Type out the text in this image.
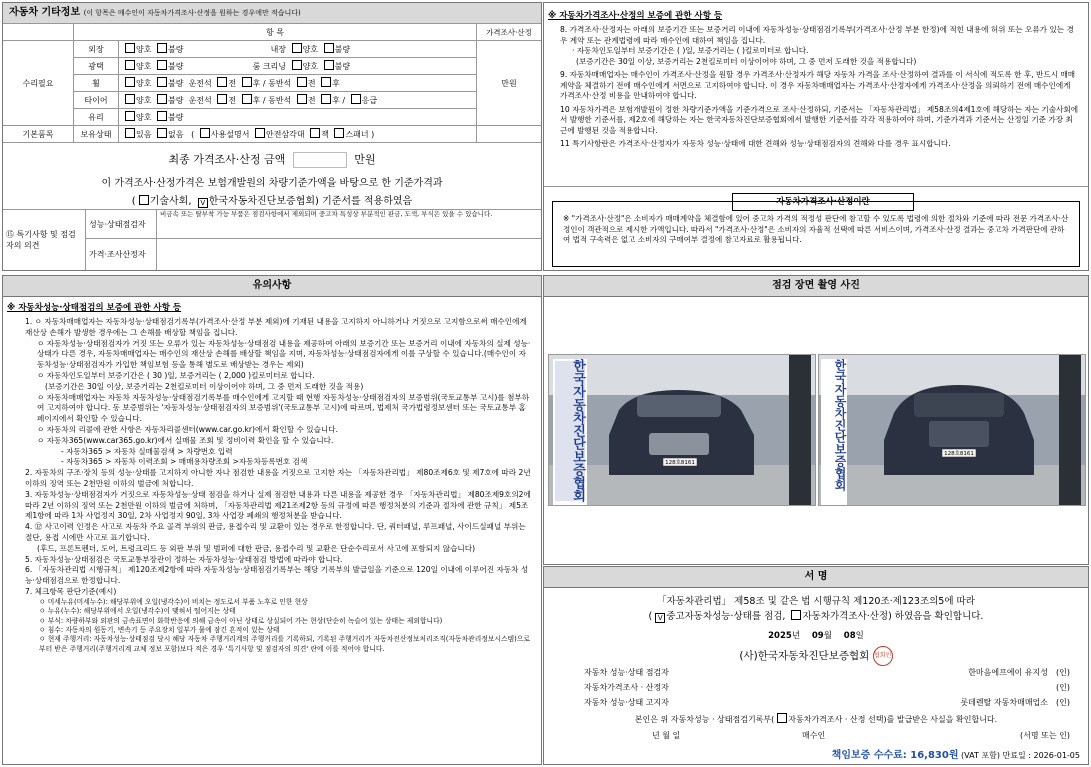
자동차 기타정보 (이 항목은 매수인이 자동차가격조사·산정을 원하는 경우에만 적습니다)
	항 목		가격조사·산정
수리필요	외장	양호 불량 내장 양호 불량	만원
	광택	양호 불량 룸 크리닝 양호 불량	
	휠	양호 불량 운전석 전 후 / 동반석 전 후	
	타이어	양호 불량 운전석 전 후 / 동반석 전 후 / 응급	
	유리	양호 불량	
기본품목	보유상태	있음 없음 ( 사용설명서 안전삼각대 잭 스패너 )	
최종 가격조사·산정 금액	만원
이 가격조사·산정가격은 보험개발원의 차량기준가액을 바탕으로 한 기준가격과
( 기술사회, V 한국자동차진단보증협회) 기준서를 적용하였음
⑮ 특기사항 및 점검자의 의견	성능·상태점검자	비금속 또는 탈부착 가능 부품은 점검사항에서 제외되며 중고차 특성상 부분적인 판금, 도색, 부식은 있을 수 있습니다.
	가격·조사산정자	
※ 자동차가격조사·산정의 보증에 관한 사항 등
8. 가격조사·산정자는 아래의 보증기간 또는 보증거리 이내에 자동차성능·상태점검기록부(가격조사·산정 부분 한정)에 적힌 내용에 허위 또는 오류가 있는 경우 계약 또는 관계법령에 따라 매수인에 대하여 책임을 집니다.
· 자동차인도일부터 보증기간은 ( )일, 보증거리는 ( )킬로미터로 합니다.
(보증기간은 30일 이상, 보증거리는 2천킬로미터 이상이어야 하며, 그 중 먼저 도래한 것을 적용합니다)
9. 자동차매매업자는 매수인이 가격조사·산정을 원할 경우 가격조사·산정자가 해당 자동차 가격을 조사·산정하여 결과를 이 서식에 적도록 한 후, 반드시 매매계약을 체결하기 전에 매수인에게 서면으로 고지하여야 합니다. 이 경우 자동차매매업자는 가격조사·산정자에게 가격조사·산정을 의뢰하기 전에 매수인에게 가격조사·산정 비용을 안내하여야 합니다.
10 자동차가격은 보험개발원이 정한 차량기준가액을 기준가격으로 조사·산정하되, 기준서는 「자동차관리법」 제58조의4제1호에 해당하는 자는 기술사회에서 발행한 기준서를, 제2호에 해당하는 자는 한국자동차진단보증협회에서 발행한 기준서를 각각 적용하여야 하며, 기준가격과 기준서는 산정일 기준 가장 최근에 발행된 것을 적용합니다.
11 특기사항란은 가격조사·산정자가 자동차 성능·상태에 대한 견해와 성능·상태점검자의 견해와 다를 경우 표시합니다.
자동차가격조사·산정이란
※ "가격조사·산정"은 소비자가 매매계약을 체결함에 있어 중고차 가격의 적정성 판단에 참고할 수 있도록 법령에 의한 절차와 기준에 따라 전문 가격조사·산정인이 객관적으로 제시한 가액입니다. 따라서 "가격조사·산정"은 소비자의 자율적 선택에 따른 서비스이며, 가격조사·산정 결과는 중고차 가격판단에 관하여 법적 구속력은 없고 소비자의 구매여부 결정에 참고자료로 활용됩니다.
유의사항
※ 자동차성능·상태점검의 보증에 관한 사항 등
1. ㅇ 자동차매매업자는 자동차성능·상태점검기록부(가격조사·산정 부분 제외)에 기재된 내용을 고지하지 아니하거나 거짓으로 고지함으로써 매수인에게 재산상 손해가 발생한 경우에는 그 손해를 배상할 책임을 집니다.
ㅇ 자동차성능·상태점검자가 거짓 또는 오류가 있는 자동차성능·상태점검 내용을 제공하여 아래의 보증기간 또는 보증거리 이내에 자동차의 실제 성능·상태가 다른 경우, 자동차매매업자는 매수인의 재산상 손해를 배상할 책임을 지며, 자동차성능·상태점검자에게 이를 구상할 수 있습니다.(매수인이 자동차성능·상태점검자가 가입한 책임보험 등을 통해 별도로 배상받는 경우는 제외)
ㅇ 자동차인도일부터 보증기간은 ( 30 )일, 보증거리는 ( 2,000 )킬로미터로 합니다.
(보증기간은 30일 이상, 보증거리는 2천킬로미터 이상이어야 하며, 그 중 먼저 도래한 것을 적용)
ㅇ 자동차매매업자는 자동차 자동차성능·상태점검기록부를 매수인에게 고지할 때 현행 자동차성능·상태점검자의 보증범위(국토교통부 고시)를 첨부하여 고지하여야 합니다. 동 보증범위는 '자동차성능·상태점검자의 보증범위'(국토교통부 고시)에 따르며, 법제처 국가법령정보센터 또는 국토교통부 홈페이지에서 확인할 수 있습니다.
ㅇ 자동차의 리콜에 관한 사항은 자동차리콜센터(www.car.go.kr)에서 확인할 수 있습니다.
ㅇ 자동차365(www.car365.go.kr)에서 실매물 조회 및 정비이력 확인을 할 수 있습니다.
- 자동차365 > 자동차 실매물검색 > 차량번호 입력
- 자동차365 > 자동차 이력조회 > 매매용차량조회 >자동차등록번호 검색
2. 자동차의 구조·장치 등의 성능·상태를 고지하지 아니한 자나 점검한 내용을 거짓으로 고지한 자는 「자동차관리법」 제80조제6호 및 제7호에 따라 2년 이하의 징역 또는 2천만원 이하의 벌금에 처합니다.
3. 자동차성능·상태점검자가 거짓으로 자동차성능·상태 점검을 하거나 실제 점검한 내용과 다른 내용을 제공한 경우 「자동차관리법」 제80조제9호의2에 따라 2년 이하의 징역 또는 2천만원 이하의 벌금에 처하며, 「자동차관리법 제21조제2항 등의 규정에 따른 행정처분의 기준과 절차에 관한 규칙」 제5조제1항에 따라 1차 사업정지 30일, 2차 사업정지 90일, 3차 사업장 폐쇄의 행정처분을 받습니다.
4. ⑫ 사고이력 인정은 사고로 자동차 주요 골격 부위의 판금, 용접수리 및 교환이 있는 경우로 한정합니다. 단, 쿼터패널, 루프패널, 사이드실패널 부위는 절단, 용접 시에만 사고로 표기합니다.
(후드, 프론트펜더, 도어, 트렁크리드 등 외판 부위 및 범퍼에 대한 판금, 용접수리 및 교환은 단순수리로서 사고에 포함되지 않습니다)
5. 자동차성능·상태점검은 국토교통부장관이 정하는 자동차성능·상태점검 방법에 따라야 합니다.
6. 「자동차관리법 시행규칙」 제120조제2항에 따라 자동차성능·상태점검기록부는 해당 기록부의 발급일을 기준으로 120일 이내에 이루어진 자동차 성능·상태점검으로 한정합니다.
7. 체크항목 판단기준(예시)
ㅇ 미세누유(미세누수): 해당부위에 오일(냉각수)이 비치는 정도로서 부품 노후로 인한 현상
ㅇ 누유(누수): 해당부위에서 오일(냉각수)이 맺혀서 떨어지는 상태
ㅇ 부식: 차량하부와 외판의 금속표면이 화학반응에 의해 금속이 아닌 상태로 상실되어 가는 현상(단순히 녹슬어 있는 상태는 제외합니다)
ㅇ 침수: 자동차의 원동기, 변속기 등 주요장치 일부가 물에 잠긴 흔적이 있는 상태
ㅇ 현재 주행거리: 자동차성능·상태점검 당시 해당 자동차 주행거리계의 주행거리를 기록하되, 기록된 주행거리가 자동차전산정보처리조직(자동차관리정보시스템)으로부터 받은 주행거리(주행거리계 교체 정보 포함)보다 적은 경우 '특기사항 및 점검자의 의견' 란에 이를 적어야 합니다.
점검 장면 촬영 사진
128호8161
한국자동차진단보증협회	128호8161
한국자동차진단보증협회
서 명
「자동차관리법」 제58조 및 같은 법 시행규칙 제120조·제123조의5에 따라
( V 중고자동차성능·상태를 점검, 자동차가격조사·산정) 하였음을 확인합니다.
2025년 09월 08일
(사)한국자동차진단보증협회 협회인
자동차 성능·상태 점검자	한마음에프에이 유지성	(인)
자동차가격조사 · 산정자	(인)
자동차 성능·상태 고지자	롯데렌탈 자동차매매업소	(인)
본인은 위 자동차성능 · 상태점검기록부( 자동차가격조사 · 산정 선택)를 발급받은 사실을 확인합니다.
년 월 일	매수인	(서명 또는 인)
책임보증 수수료: 16,830원 (VAT 포함) 만료일 : 2026-01-05
